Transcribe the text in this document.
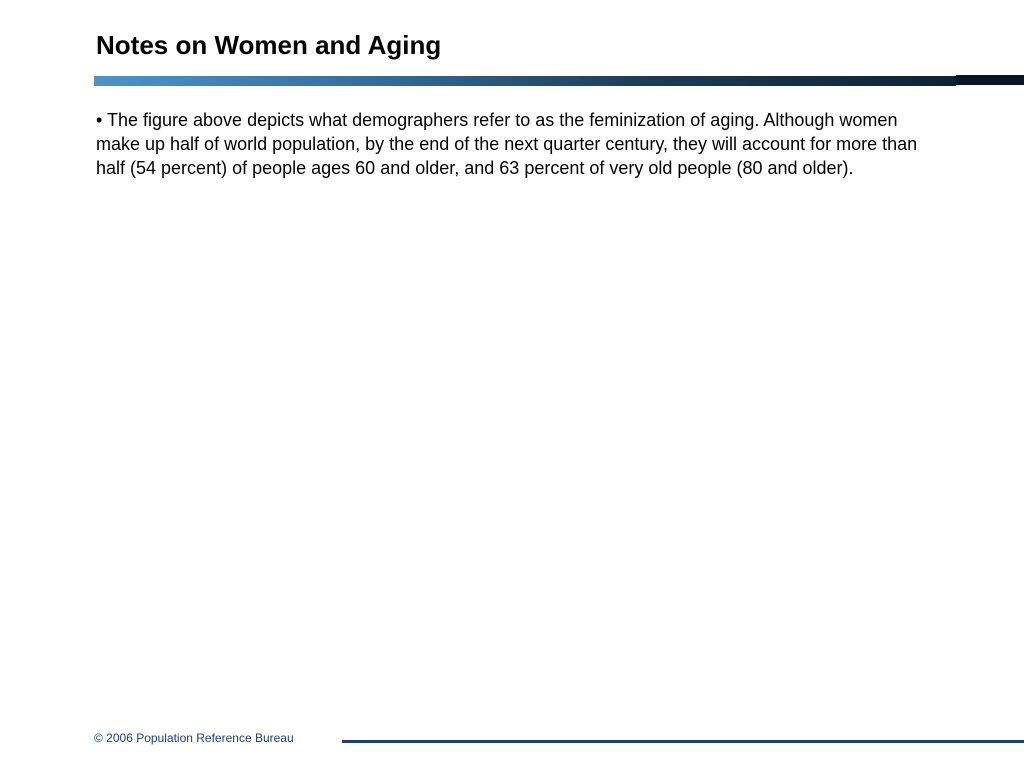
Notes on Women and Aging

• The figure above depicts what demographers refer to as the feminization of aging. Although women make up half of world population, by the end of the next quarter century, they will account for more than half (54 percent) of people ages 60 and older, and 63 percent of very old people (80 and older).

© 2006 Population Reference Bureau
